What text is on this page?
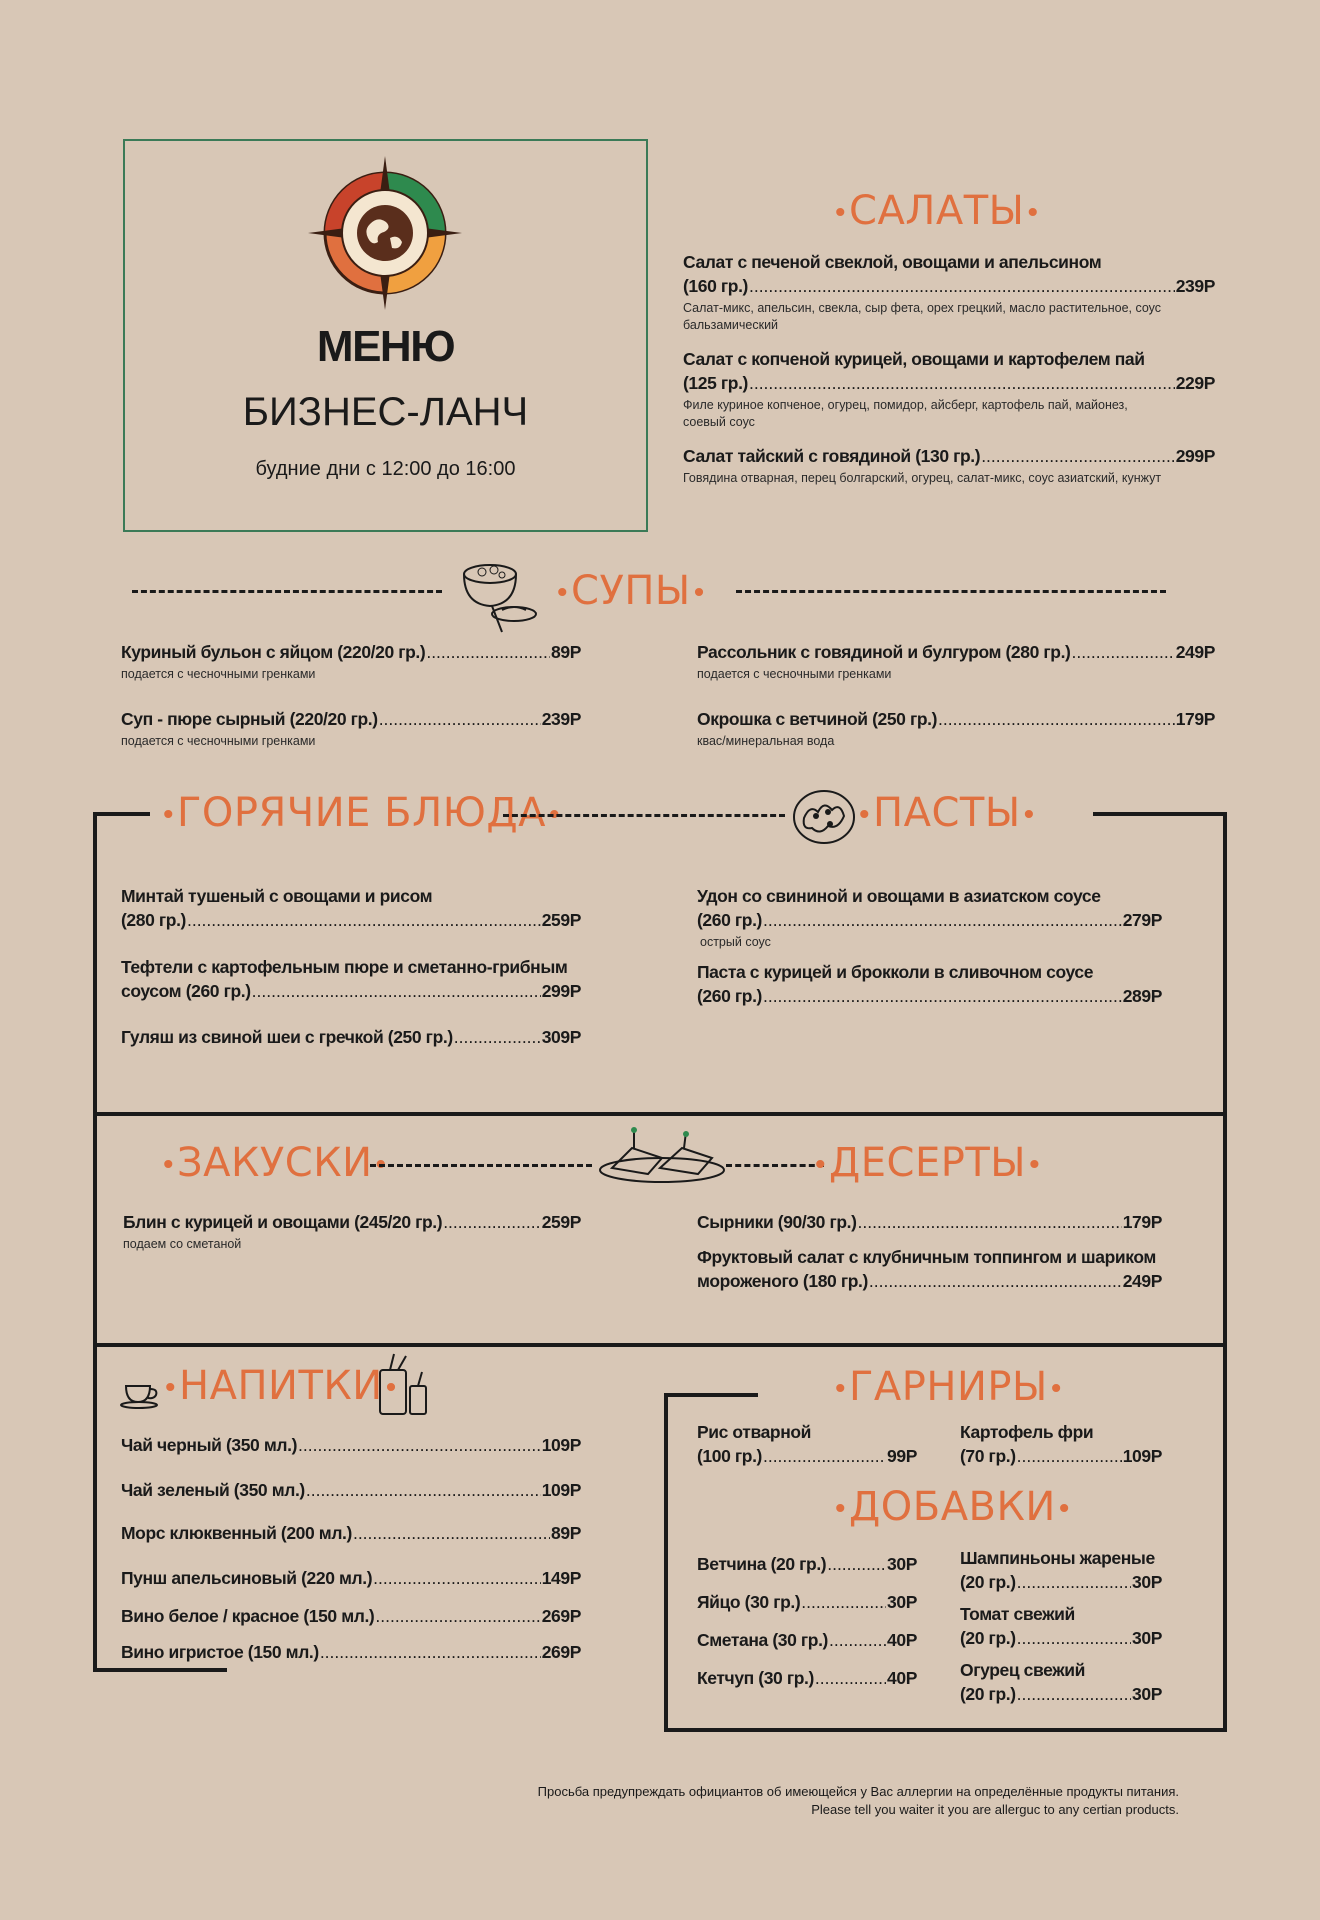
МЕНЮ
БИЗНЕС-ЛАНЧ
будние дни с 12:00 до 16:00
•САЛАТЫ•
Салат с печеной свеклой, овощами и апельсином
(160 гр.) .....	239Р
Салат-микс, апельсин, свекла, сыр фета, орех грецкий, масло растительное, соус бальзамический
Салат с копченой курицей, овощами и картофелем пай
(125 гр.) .....	229Р
Филе куриное копченое, огурец, помидор, айсберг, картофель пай, майонез, соевый соус
Салат тайский с говядиной (130 гр.) .....	299Р
Говядина отварная, перец болгарский, огурец, салат-микс, соус азиатский, кунжут
•СУПЫ•
Куриный бульон с яйцом (220/20 гр.) .....	89Р
подается с чесночными гренками
Суп - пюре сырный (220/20 гр.) .....	239Р
подается с чесночными гренками
Рассольник с говядиной и булгуром (280 гр.) .....	249Р
подается с чесночными гренками
Окрошка с ветчиной (250 гр.) .....	179Р
квас/минеральная вода
•ГОРЯЧИЕ БЛЮДА•	•ПАСТЫ•
Минтай тушеный с овощами и рисом
(280 гр.) .....	259Р
Тефтели с картофельным пюре и сметанно-грибным
соусом (260 гр.) .....	299Р
Гуляш из свиной шеи с гречкой (250 гр.) .....	309Р
Удон со свининой и овощами в азиатском соусе
(260 гр.) .....	279Р
острый соус
Паста с курицей и брокколи в сливочном соусе
(260 гр.) .....	289Р
•ЗАКУСКИ•	•ДЕСЕРТЫ•
Блин с курицей и овощами (245/20 гр.) .....	259Р
подаем со сметаной
Сырники (90/30 гр.) .....	179Р
Фруктовый салат с клубничным топпингом и шариком
мороженого (180 гр.) .....	249Р
•НАПИТКИ•
Чай черный (350 мл.) .....	109Р
Чай зеленый (350 мл.) .....	109Р
Морс клюквенный (200 мл.) .....	89Р
Пунш апельсиновый (220 мл.) .....	149Р
Вино белое / красное (150 мл.) .....	269Р
Вино игристое (150 мл.) .....	269Р
•ГАРНИРЫ•
Рис отварной
(100 гр.) .....	99Р
Картофель фри
(70 гр.) .....	109Р
•ДОБАВКИ•
Ветчина (20 гр.) .....	30Р
Яйцо (30 гр.) .....	30Р
Сметана (30 гр.) .....	40Р
Кетчуп (30 гр.) .....	40Р
Шампиньоны жареные
(20 гр.) .....	30Р
Томат свежий
(20 гр.) .....	30Р
Огурец свежий
(20 гр.) .....	30Р
Просьба предупреждать официантов об имеющейся у Вас аллергии на определённые продукты питания.
Please tell you waiter it you are allerguc to any certian products.
